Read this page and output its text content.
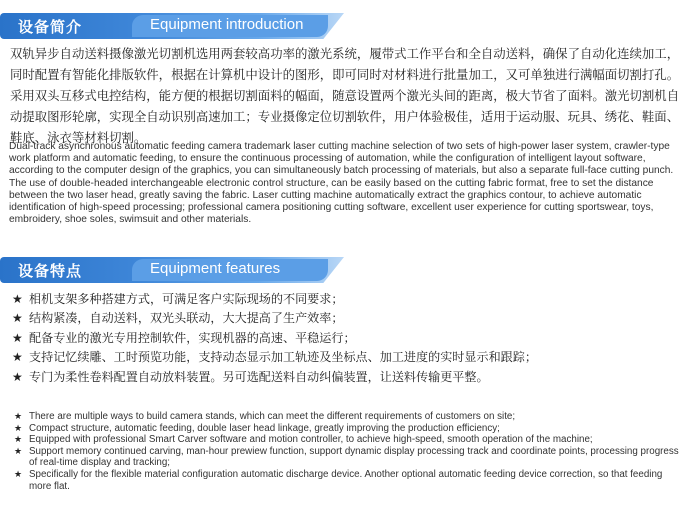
设备简介	Equipment introduction
双轨异步自动送料摄像激光切割机选用两套较高功率的激光系统，履带式工作平台和全自动送料，确保了自动化连续加工，同时配置有智能化排版软件，根据在计算机中设计的图形，即可同时对材料进行批量加工，又可单独进行满幅面切割打孔。采用双头互移式电控结构，能方便的根据切割面料的幅面，随意设置两个激光头间的距离，极大节省了面料。激光切割机自动提取图形轮廓，实现全自动识别高速加工；专业摄像定位切割软件，用户体验极佳，适用于运动服、玩具、绣花、鞋面、鞋底、泳衣等材料切割。
Dual-track asynchronous automatic feeding camera trademark laser cutting machine selection of two sets of high-power laser system, crawler-type work platform and automatic feeding, to ensure the continuous processing of automation, while the configuration of intelligent layout software, according to the computer design of the graphics, you can simultaneously batch processing of materials, but also a separate full-face cutting punch. The use of double-headed interchangeable electronic control structure, can be easily based on the cutting fabric format, free to set the distance between the two laser head, greatly saving the fabric. Laser cutting machine automatically extract the graphics contour, to achieve automatic identification of high-speed processing; professional camera positioning cutting software, excellent user experience for cutting sportswear, toys, embroidery, shoe soles, swimsuit and other materials.
设备特点	Equipment features
★ 相机支架多种搭建方式，可满足客户实际现场的不同要求；
★ 结构紧凑，自动送料，双光头联动，大大提高了生产效率；
★ 配备专业的激光专用控制软件，实现机器的高速、平稳运行；
★ 支持记忆续雕、工时预览功能，支持动态显示加工轨迹及坐标点、加工进度的实时显示和跟踪；
★ 专门为柔性卷料配置自动放料装置。另可选配送料自动纠偏装置，让送料传输更平整。
★ There are multiple ways to build camera stands, which can meet the different requirements of customers on site;
★ Compact structure, automatic feeding, double laser head linkage, greatly improving the production efficiency;
★ Equipped with professional Smart Carver software and motion controller, to achieve high-speed, smooth operation of the machine;
★ Support memory continued carving, man-hour prewiew function, support dynamic display processing track and coordinate points, processing progress of real-time display and tracking;
★ Specifically for the flexible material configuration automatic discharge device. Another optional automatic feeding device correction, so that feeding more flat.
